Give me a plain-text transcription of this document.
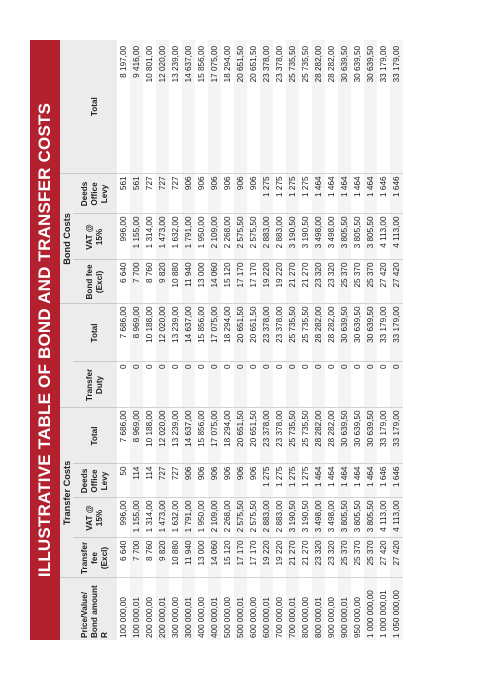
ILLUSTRATIVE TABLE OF BOND AND TRANSFER COSTS
	Transfer Costs						Bond Costs			
Price/Value/ Bond amount R	Transfer fee (Excl)	VAT @ 15%	Deeds Office Levy	Total	Transfer Duty	Total	Bond fee (Excl)	VAT @ 15%	Deeds Office Levy	Total
100 000,00	6 640	996,00	50	7 686,00	0	7 686,00	6 640	996,00	561	8 197,00
100 000,01	7 700	1 155,00	114	8 969,00	0	8 969,00	7 700	1 155,00	561	9 416,00
200 000,00	8 760	1 314,00	114	10 188,00	0	10 188,00	8 760	1 314,00	727	10 801,00
200 000,01	9 820	1 473,00	727	12 020,00	0	12 020,00	9 820	1 473,00	727	12 020,00
300 000,00	10 880	1 632,00	727	13 239,00	0	13 239,00	10 880	1 632,00	727	13 239,00
300 000,01	11 940	1 791,00	906	14 637,00	0	14 637,00	11 940	1 791,00	906	14 637,00
400 000,00	13 000	1 950,00	906	15 856,00	0	15 856,00	13 000	1 950,00	906	15 856,00
400 000,01	14 060	2 109,00	906	17 075,00	0	17 075,00	14 060	2 109,00	906	17 075,00
500 000,00	15 120	2 268,00	906	18 294,00	0	18 294,00	15 120	2 268,00	906	18 294,00
500 000,01	17 170	2 575,50	906	20 651,50	0	20 651,50	17 170	2 575,50	906	20 651,50
600 000,00	17 170	2 575,50	906	20 651,50	0	20 651,50	17 170	2 575,50	906	20 651,50
600 000,01	19 220	2 883,00	1 275	23 378,00	0	23 378,00	19 220	2 883,00	1 275	23 378,00
700 000,00	19 220	2 883,00	1 275	23 378,00	0	23 378,00	19 220	2 883,00	1 275	23 378,00
700 000,01	21 270	3 190,50	1 275	25 735,50	0	25 735,50	21 270	3 190,50	1 275	25 735,50
800 000,00	21 270	3 190,50	1 275	25 735,50	0	25 735,50	21 270	3 190,50	1 275	25 735,50
800 000,01	23 320	3 498,00	1 464	28 282,00	0	28 282,00	23 320	3 498,00	1 464	28 282,00
900 000,00	23 320	3 498,00	1 464	28 282,00	0	28 282,00	23 320	3 498,00	1 464	28 282,00
900 000,01	25 370	3 805,50	1 464	30 639,50	0	30 639,50	25 370	3 805,50	1 464	30 639,50
950 000,00	25 370	3 805,50	1 464	30 639,50	0	30 639,50	25 370	3 805,50	1 464	30 639,50
1 000 000,00	25 370	3 805,50	1 464	30 639,50	0	30 639,50	25 370	3 805,50	1 464	30 639,50
1 000 000,01	27 420	4 113,00	1 646	33 179,00	0	33 179,00	27 420	4 113,00	1 646	33 179,00
1 050 000,00	27 420	4 113,00	1 646	33 179,00	0	33 179,00	27 420	4 113,00	1 646	33 179,00
